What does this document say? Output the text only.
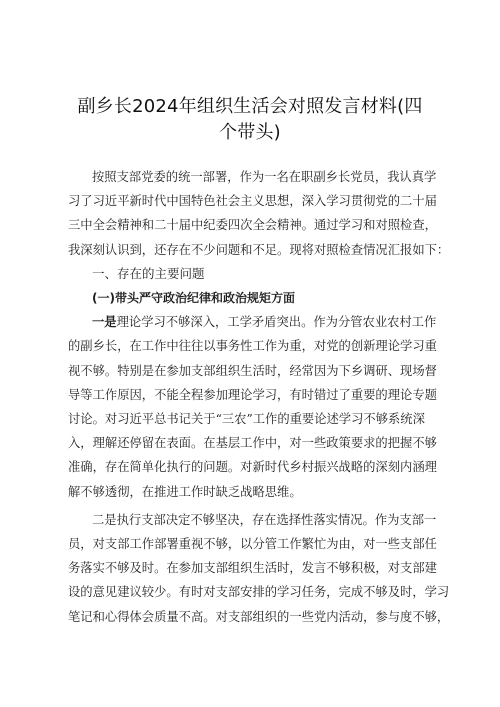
副乡长2024年组织生活会对照发言材料(四
个带头)

按照支部党委的统一部署，作为一名在职副乡长党员，我认真学
习了习近平新时代中国特色社会主义思想，深入学习贯彻党的二十届
三中全会精神和二十届中纪委四次全会精神。通过学习和对照检查，
我深刻认识到，还存在不少问题和不足。现将对照检查情况汇报如下：

一、存在的主要问题

(一)带头严守政治纪律和政治规矩方面

一是理论学习不够深入，工学矛盾突出。作为分管农业农村工作
的副乡长，在工作中往往以事务性工作为重，对党的创新理论学习重
视不够。特别是在参加支部组织生活时，经常因为下乡调研、现场督
导等工作原因，不能全程参加理论学习，有时错过了重要的理论专题
讨论。对习近平总书记关于“三农”工作的重要论述学习不够系统深
入，理解还停留在表面。在基层工作中，对一些政策要求的把握不够
准确，存在简单化执行的问题。对新时代乡村振兴战略的深刻内涵理
解不够透彻，在推进工作时缺乏战略思维。

二是执行支部决定不够坚决，存在选择性落实情况。作为支部一
员，对支部工作部署重视不够，以分管工作繁忙为由，对一些支部任
务落实不够及时。在参加支部组织生活时，发言不够积极，对支部建
设的意见建议较少。有时对支部安排的学习任务，完成不够及时，学习
笔记和心得体会质量不高。对支部组织的一些党内活动，参与度不够，
